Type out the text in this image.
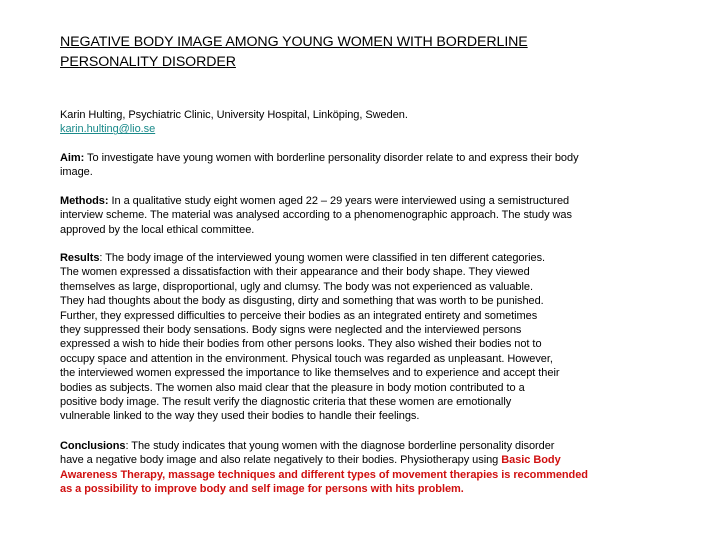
NEGATIVE BODY IMAGE AMONG YOUNG WOMEN WITH BORDERLINE
PERSONALITY DISORDER
Karin Hulting, Psychiatric Clinic, University Hospital, Linköping, Sweden.
karin.hulting@lio.se
Aim: To investigate have young women with borderline personality disorder relate to and express their body
image.
Methods: In a qualitative study eight women aged 22 – 29 years were interviewed using a semistructured
interview scheme. The material was analysed according to a phenomenographic approach. The study was
approved by the local ethical committee.
Results: The body image of the interviewed young women were classified in ten different categories.
The women expressed a dissatisfaction with their appearance and their body shape. They viewed
themselves as large, disproportional, ugly and clumsy. The body was not experienced as valuable.
They had thoughts about the body as disgusting, dirty and something that was worth to be punished.
Further, they expressed difficulties to perceive their bodies as an integrated entirety and sometimes
they suppressed their body sensations. Body signs were neglected and the interviewed persons
expressed a wish to hide their bodies from other persons looks. They also wished their bodies not to
occupy space and attention in the environment. Physical touch was regarded as unpleasant. However,
the interviewed women expressed the importance to like themselves and to experience and accept their
bodies as subjects. The women also maid clear that the pleasure in body motion contributed to a
positive body image. The result verify the diagnostic criteria that these women are emotionally
vulnerable linked to the way they used their bodies to handle their feelings.
Conclusions: The study indicates that young women with the diagnose borderline personality disorder
have a negative body image and also relate negatively to their bodies. Physiotherapy using Basic Body
Awareness Therapy, massage techniques and different types of movement therapies is recommended
as a possibility to improve body and self image for persons with hits problem.
